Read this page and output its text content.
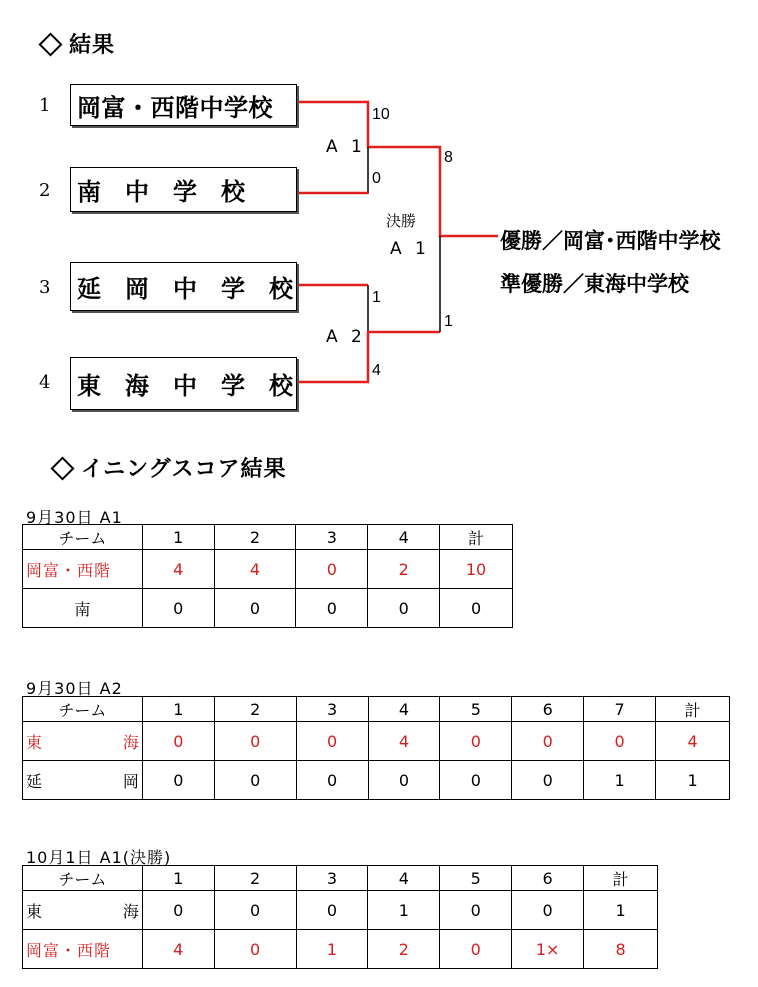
結果
1
2
3
4
岡富・西階中学校
南　中　学　校
延　岡　中　学　校
東　海　中　学　校
10
0
1
4
8
1
A 1
A 2
決勝
A 1	優勝／岡富･西階中学校
準優勝／東海中学校
イニングスコア結果
9月30日 A1
チーム	1	2	3	4	計

岡富・西階	4	4	0	2	10

南	0	0	0	0	0
9月30日 A2
チーム	1	2	3	4	5	6	7	計

東 海	0	0	0	4	0	0	0	4

延 岡	0	0	0	0	0	0	1	1
10月1日 A1(決勝)
チーム	1	2	3	4	5	6	計

東 海	0	0	0	1	0	0	1

岡富・西階	4	0	1	2	0	1×	8
